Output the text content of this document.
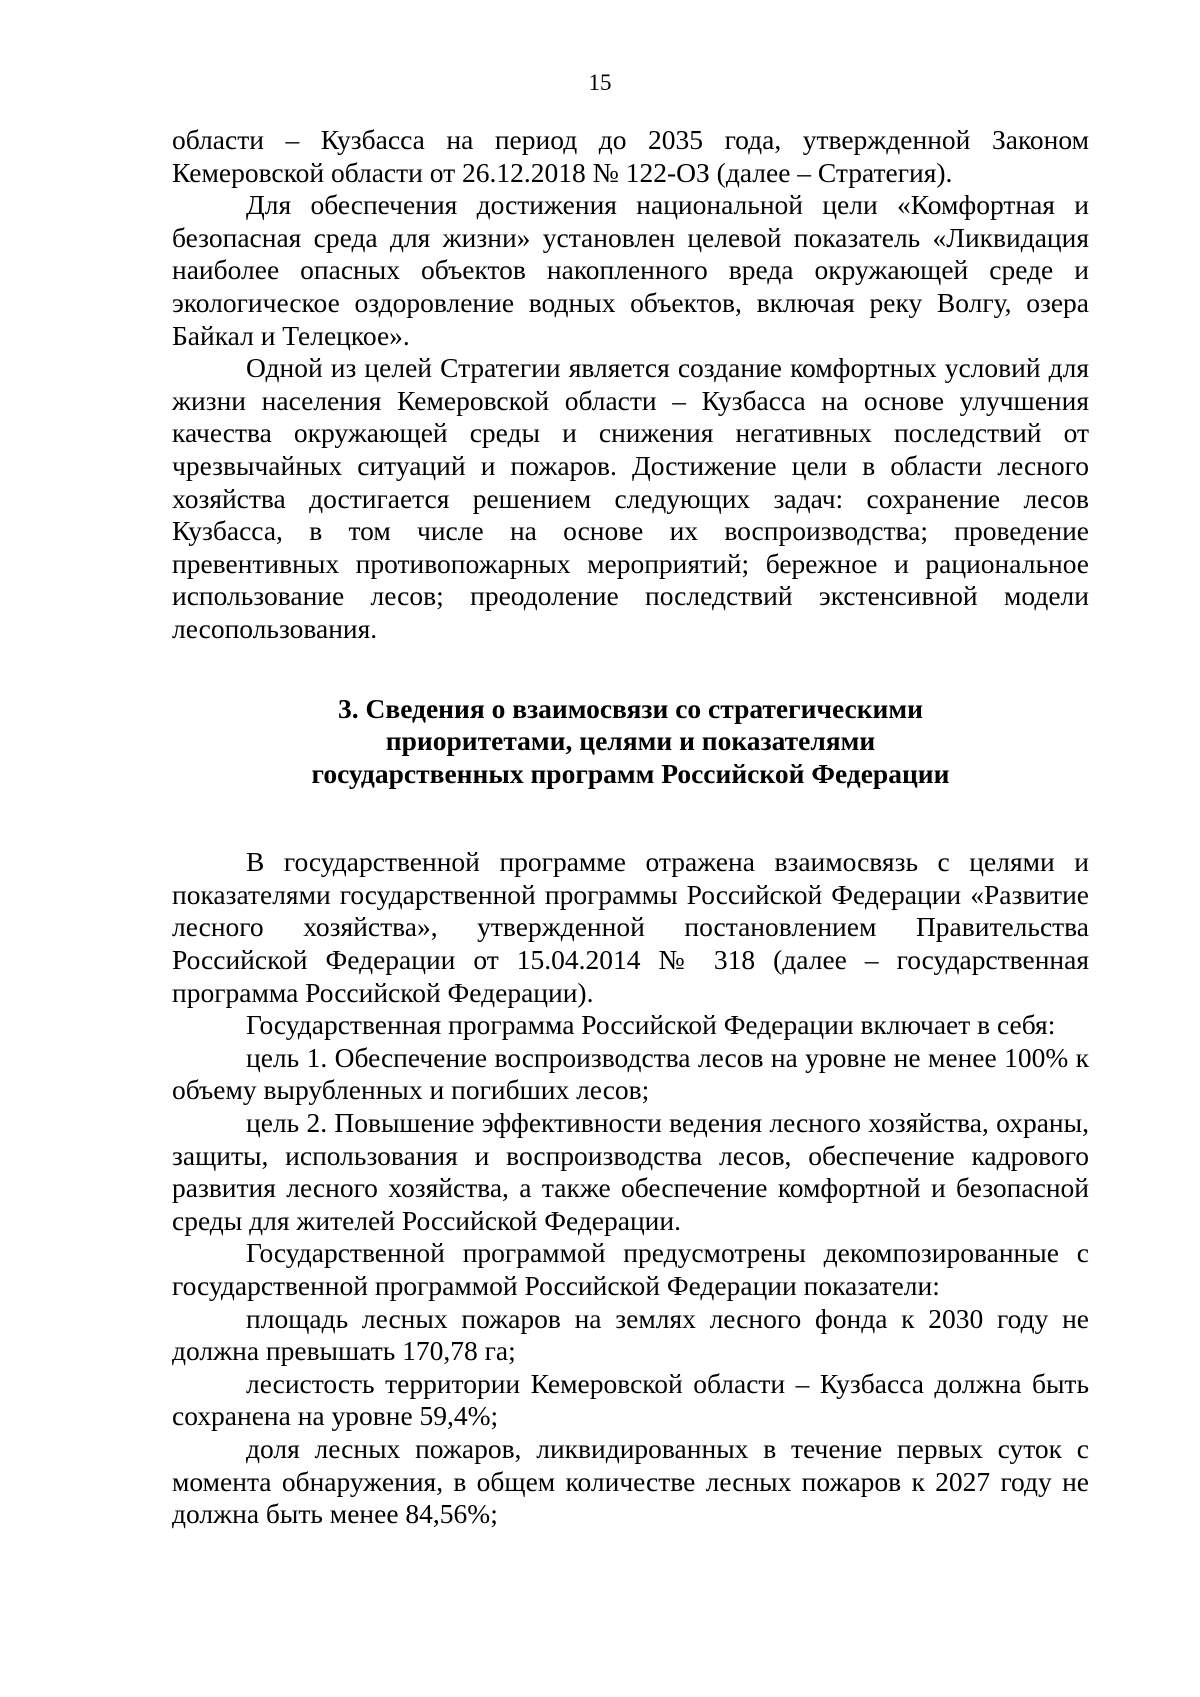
15

области – Кузбасса на период до 2035 года, утвержденной Законом Кемеровской области от 26.12.2018 № 122-ОЗ (далее – Стратегия).

Для обеспечения достижения национальной цели «Комфортная и безопасная среда для жизни» установлен целевой показатель «Ликвидация наиболее опасных объектов накопленного вреда окружающей среде и экологическое оздоровление водных объектов, включая реку Волгу, озера Байкал и Телецкое».

Одной из целей Стратегии является создание комфортных условий для жизни населения Кемеровской области – Кузбасса на основе улучшения качества окружающей среды и снижения негативных последствий от чрезвычайных ситуаций и пожаров. Достижение цели в области лесного хозяйства достигается решением следующих задач: сохранение лесов Кузбасса, в том числе на основе их воспроизводства; проведение превентивных противопожарных мероприятий; бережное и рациональное использование лесов; преодоление последствий экстенсивной модели лесопользования.

3. Сведения о взаимосвязи со стратегическими
приоритетами, целями и показателями
государственных программ Российской Федерации

В государственной программе отражена взаимосвязь с целями и показателями государственной программы Российской Федерации «Развитие лесного хозяйства», утвержденной постановлением Правительства Российской Федерации от 15.04.2014 № 318 (далее – государственная программа Российской Федерации).

Государственная программа Российской Федерации включает в себя:

цель 1. Обеспечение воспроизводства лесов на уровне не менее 100% к объему вырубленных и погибших лесов;

цель 2. Повышение эффективности ведения лесного хозяйства, охраны, защиты, использования и воспроизводства лесов, обеспечение кадрового развития лесного хозяйства, а также обеспечение комфортной и безопасной среды для жителей Российской Федерации.

Государственной программой предусмотрены декомпозированные с государственной программой Российской Федерации показатели:

площадь лесных пожаров на землях лесного фонда к 2030 году не должна превышать 170,78 га;

лесистость территории Кемеровской области – Кузбасса должна быть сохранена на уровне 59,4%;

доля лесных пожаров, ликвидированных в течение первых суток с момента обнаружения, в общем количестве лесных пожаров к 2027 году не должна быть менее 84,56%;
